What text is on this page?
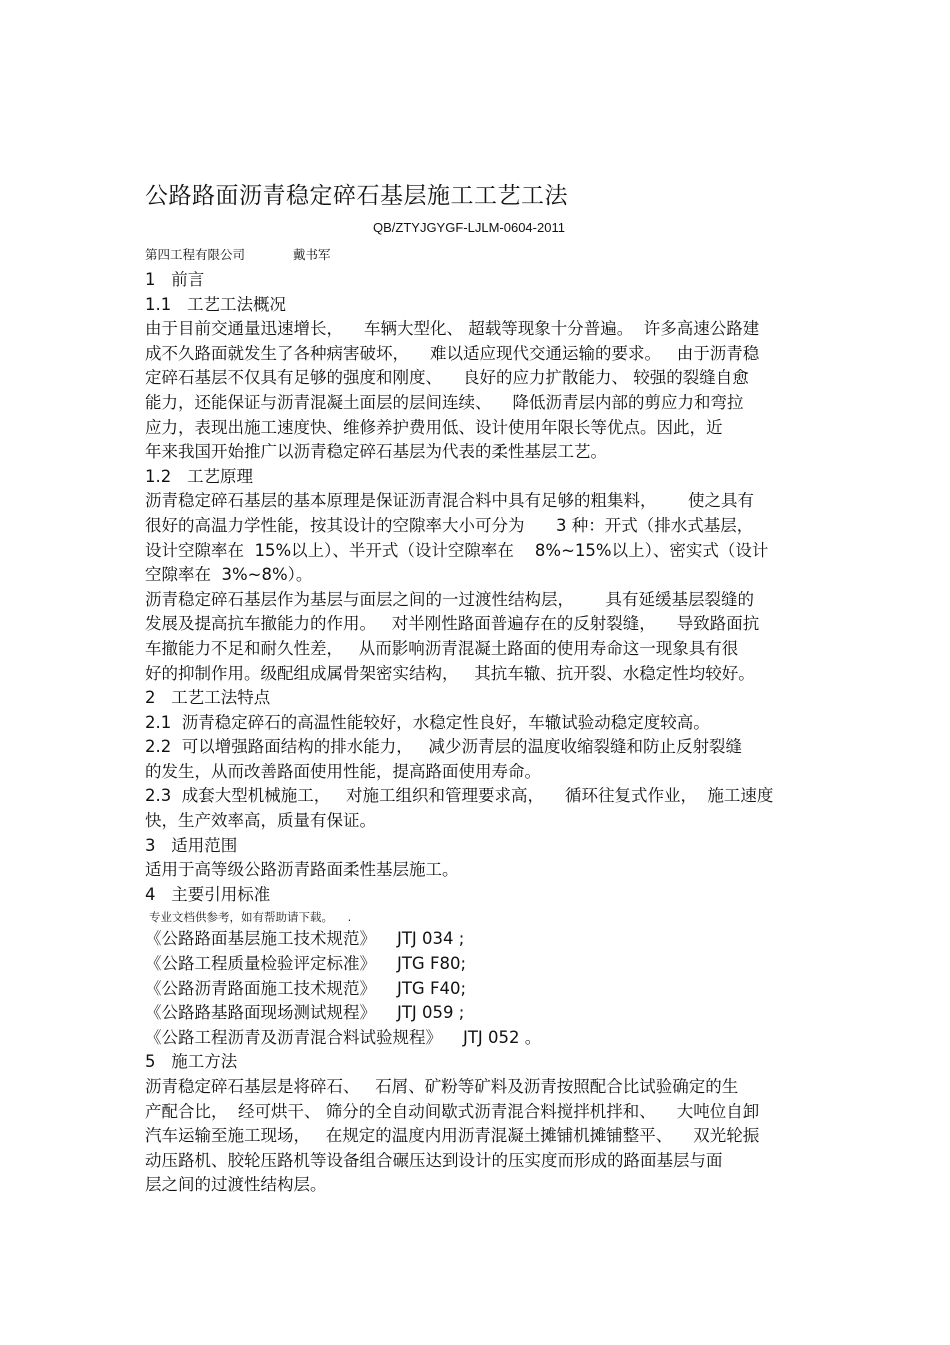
公路路面沥青稳定碎石基层施工工艺工法
QB/ZTYJGYGF-LJLM-0604-2011
第四工程有限公司	戴书军
1   前言
1.1   工艺工法概况
由于目前交通量迅速增长，    车辆大型化、 超载等现象十分普遍。  许多高速公路建
成不久路面就发生了各种病害破坏，    难以适应现代交通运输的要求。   由于沥青稳
定碎石基层不仅具有足够的强度和刚度、    良好的应力扩散能力、 较强的裂缝自愈
能力，还能保证与沥青混凝土面层的层间连续、    降低沥青层内部的剪应力和弯拉
应力，表现出施工速度快、维修养护费用低、设计使用年限长等优点。因此，近
年来我国开始推广以沥青稳定碎石基层为代表的柔性基层工艺。
1.2   工艺原理
沥青稳定碎石基层的基本原理是保证沥青混合料中具有足够的粗集料，      使之具有
很好的高温力学性能，按其设计的空隙率大小可分为      3 种：开式（排水式基层，
设计空隙率在  15%以上）、半开式（设计空隙率在    8%~15%以上）、密实式（设计
空隙率在  3%~8%）。
沥青稳定碎石基层作为基层与面层之间的一过渡性结构层，      具有延缓基层裂缝的
发展及提高抗车撤能力的作用。   对半刚性路面普遍存在的反射裂缝，    导致路面抗
车撤能力不足和耐久性差，   从而影响沥青混凝土路面的使用寿命这一现象具有很
好的抑制作用。级配组成属骨架密实结构，   其抗车辙、抗开裂、水稳定性均较好。
2   工艺工法特点
2.1  沥青稳定碎石的高温性能较好，水稳定性良好，车辙试验动稳定度较高。
2.2  可以增强路面结构的排水能力，   减少沥青层的温度收缩裂缝和防止反射裂缝
的发生，从而改善路面使用性能，提高路面使用寿命。
2.3  成套大型机械施工，   对施工组织和管理要求高，    循环往复式作业，  施工速度
快，生产效率高，质量有保证。
3   适用范围
适用于高等级公路沥青路面柔性基层施工。
4   主要引用标准
专业文档供参考，如有帮助请下载。    .
《公路路面基层施工技术规范》    JTJ 034 ;
《公路工程质量检验评定标准》    JTG F80;
《公路沥青路面施工技术规范》    JTG F40;
《公路路基路面现场测试规程》    JTJ 059 ;
《公路工程沥青及沥青混合料试验规程》    JTJ 052 。
5   施工方法
沥青稳定碎石基层是将碎石、   石屑、矿粉等矿料及沥青按照配合比试验确定的生
产配合比，  经可烘干、 筛分的全自动间歇式沥青混合料搅拌机拌和、    大吨位自卸
汽车运输至施工现场，   在规定的温度内用沥青混凝土摊铺机摊铺整平、    双光轮振
动压路机、胶轮压路机等设备组合碾压达到设计的压实度而形成的路面基层与面
层之间的过渡性结构层。
